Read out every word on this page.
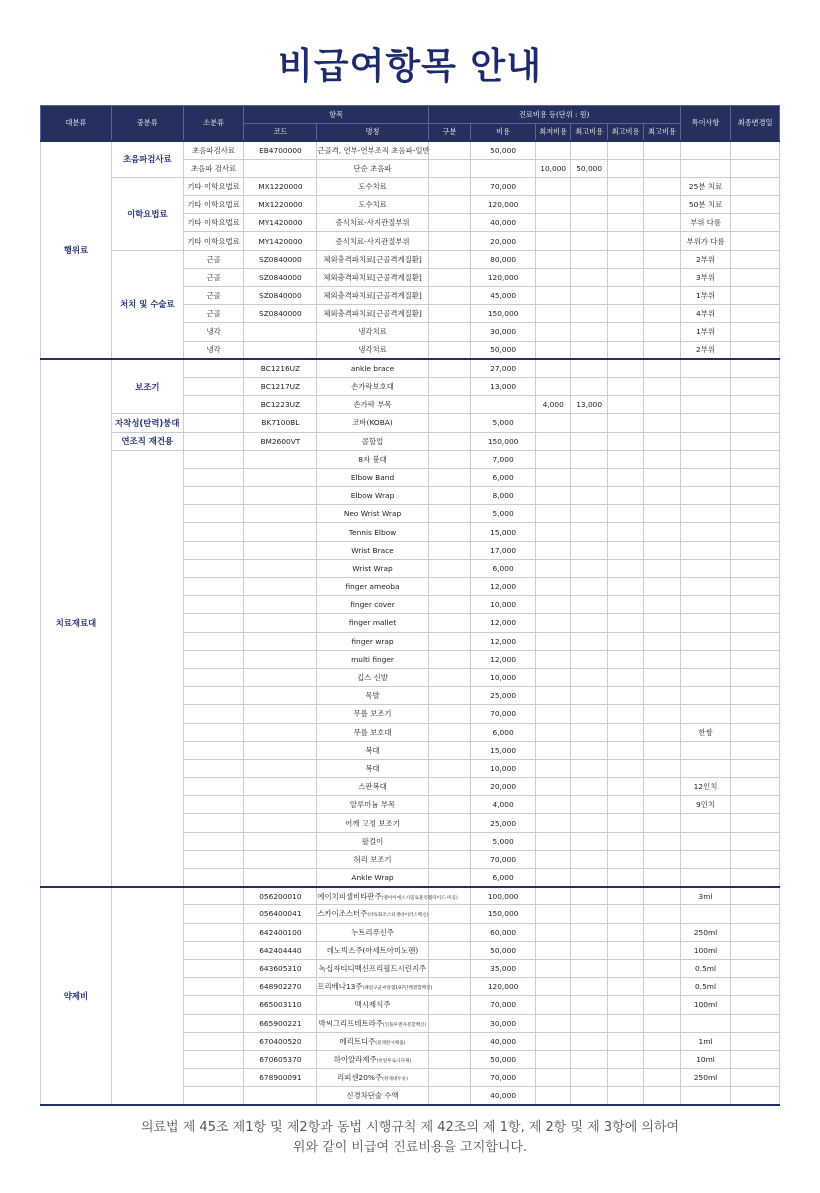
비급여항목 안내
대분류	중분류	소분류	항목		진료비용 등(단위 : 원)						특이사항	최종변경일
			코드	명칭	구분	비용	최저비용	최고비용	최고비용	최고비용		
행위료	초음파검사료	초음파검사료	EB4700000	근골격, 연부-연부조직 초음파-일반		50,000						
		초음파 검사료		단순 초음파			10,000	50,000				
	이학요법료	기타 이학요법료	MX1220000	도수치료		70,000					25분 치료	
		기타 이학요법료	MX1220000	도수치료		120,000					50분 치료	
		기타 이학요법료	MY1420000	증식치료-사지관절부위		40,000					부위 다름	
		기타 이학요법료	MY1420000	증식치료-사지관절부위		20,000					부위가 다름	
	처치 및 수술료	근골	SZ0840000	체외충격파치료[근골격계질환]		80,000					2부위	
		근골	SZ0840000	체외충격파치료[근골격계질환]		120,000					3부위	
		근골	SZ0840000	체외충격파치료[근골격계질환]		45,000					1부위	
		근골	SZ0840000	체외충격파치료[근골격계질환]		150,000					4부위	
		냉각		냉각치료		30,000					1부위	
		냉각		냉각치료		50,000					2부위	
치료재료대	보조기		BC1216UZ	ankle brace		27,000						
			BC1217UZ	손가락보호대		13,000						
			BC1223UZ	손가락 부목			4,000	13,000				
	자착성(탄력)붕대		BK7100BL	코바(KOBA)		5,000						
	연조직 재건용		BM2600VT	콜할업		150,000						
				8자 붕대		7,000						
				Elbow Band		6,000						
				Elbow Wrap		8,000						
				Neo Wrist Wrap		5,000						
				Tennis Elbow		15,000						
				Wrist Brace		17,000						
				Wrist Wrap		6,000						
				finger ameoba		12,000						
				finger cover		10,000						
				finger mallet		12,000						
				finger wrap		12,000						
				multi finger		12,000						
				깁스 신발		10,000						
				목발		25,000						
				무릎 보조기		70,000						
				무릎 보호대		6,000					한쌍	
				복대		15,000						
				복대		10,000						
				스판복대		20,000					12인치	
				알루미늄 부목		4,000					9인치	
				어깨 고정 보조기		25,000						
				팔걸이		5,000						
				허리 보조기		70,000						
				Ankle Wrap		6,000						
약제비			056200010	에이치피셀비타판주(엘아이에스시밀로폴리펩타이드-미콩)		100,000					3ml	
			056400041	스카이조스터주(약독화조스터생바이러스백신)		150,000						
			642400100	누트리푸신주		60,000					250ml	
			642404440	데노빅스주(아세트아미노펜)		50,000					100ml	
			643605310	녹십자티디백신프리필드시린지주		35,000					0.5ml	
			648902270	프리베나13주(폐렴구균씨알엠197단백결합백신)		120,000					0.5ml	
			665003110	맥시제식주		70,000					100ml	
			665900221	박씨그리프테트라주(인플루엔자분할백신)		30,000						
			670400520	메리트디주(콜레칼시페롤)		40,000					1ml	
			670605370	하이알라제주(히알루로니다제)		50,000					10ml	
			678900091	리피센20%주(정제대두유)		70,000					250ml	
				신경차단술 수액		40,000						
의료법 제 45조 제1항 및 제2항과 동법 시행규칙 제 42조의 제 1항, 제 2항 및 제 3항에 의하여
위와 같이 비급여 진료비용을 고지합니다.
